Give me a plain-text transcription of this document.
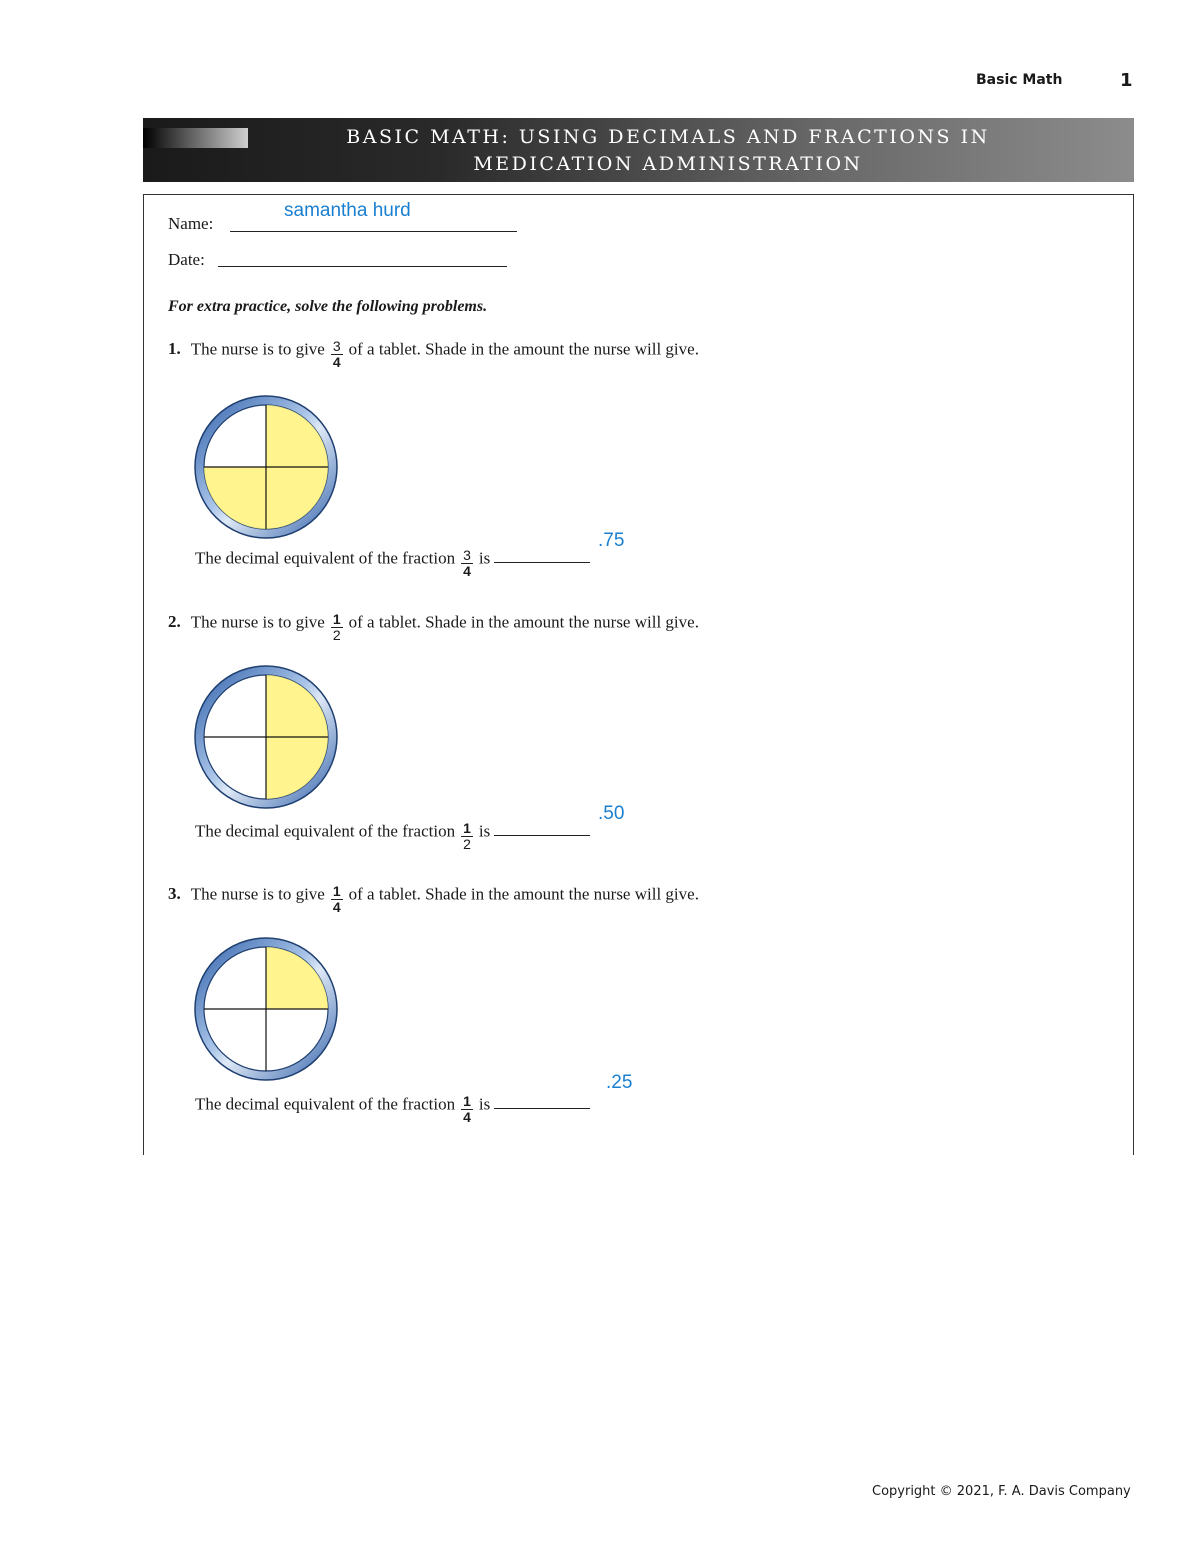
Basic Math	1
BASIC MATH: USING DECIMALS AND FRACTIONS IN
MEDICATION ADMINISTRATION
Name:
samantha hurd
Date:
For extra practice, solve the following problems.
1. The nurse is to give $\frac{3}{4}$ of a tablet. Shade in the amount the nurse will give.
The decimal equivalent of the fraction $\frac{3}{4}$ is
.75
2. The nurse is to give $\frac{1}{2}$ of a tablet. Shade in the amount the nurse will give.
The decimal equivalent of the fraction $\frac{1}{2}$ is
.50
3. The nurse is to give $\frac{1}{4}$ of a tablet. Shade in the amount the nurse will give.
The decimal equivalent of the fraction $\frac{1}{4}$ is
.25
Copyright © 2021, F. A. Davis Company
